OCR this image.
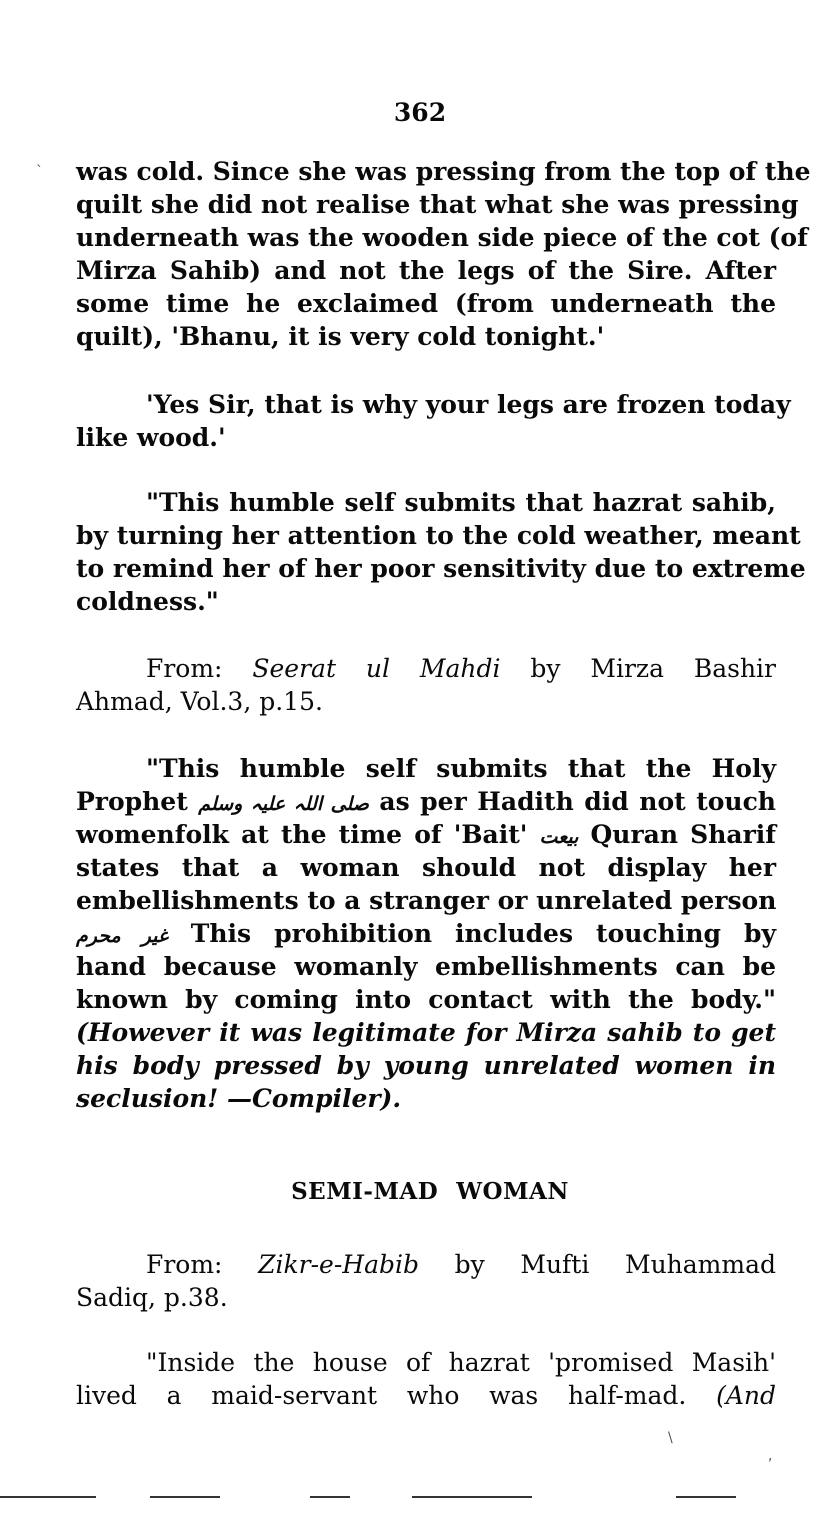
362

was cold. Since she was pressing from the top of the

quilt she did not realise that what she was pressing

underneath was the wooden side piece of the cot (of

Mirza Sahib) and not the legs of the Sire. After

some time he exclaimed (from underneath the

quilt), 'Bhanu, it is very cold tonight.'

'Yes Sir, that is why your legs are frozen today

like wood.'

"This humble self submits that hazrat sahib,

by turning her attention to the cold weather, meant

to remind her of her poor sensitivity due to extreme

coldness."

From: Seerat ul Mahdi by Mirza Bashir

Ahmad, Vol.3, p.15.

"This humble self submits that the Holy

Prophet صلی اللہ علیہ وسلم as per Hadith did not touch

womenfolk at the time of 'Bait' بیعت Quran Sharif

states that a woman should not display her

embellishments to a stranger or unrelated person

غیر محرم This prohibition includes touching by

hand because womanly embellishments can be

known by coming into contact with the body."

(However it was legitimate for Mirza sahib to get

his body pressed by young unrelated women in

seclusion! —Compiler).

SEMI-MAD WOMAN

From: Zikr-e-Habib by Mufti Muhammad

Sadiq, p.38.

"Inside the house of hazrat 'promised Masih'

lived a maid-servant who was half-mad. (And

`
\
,
